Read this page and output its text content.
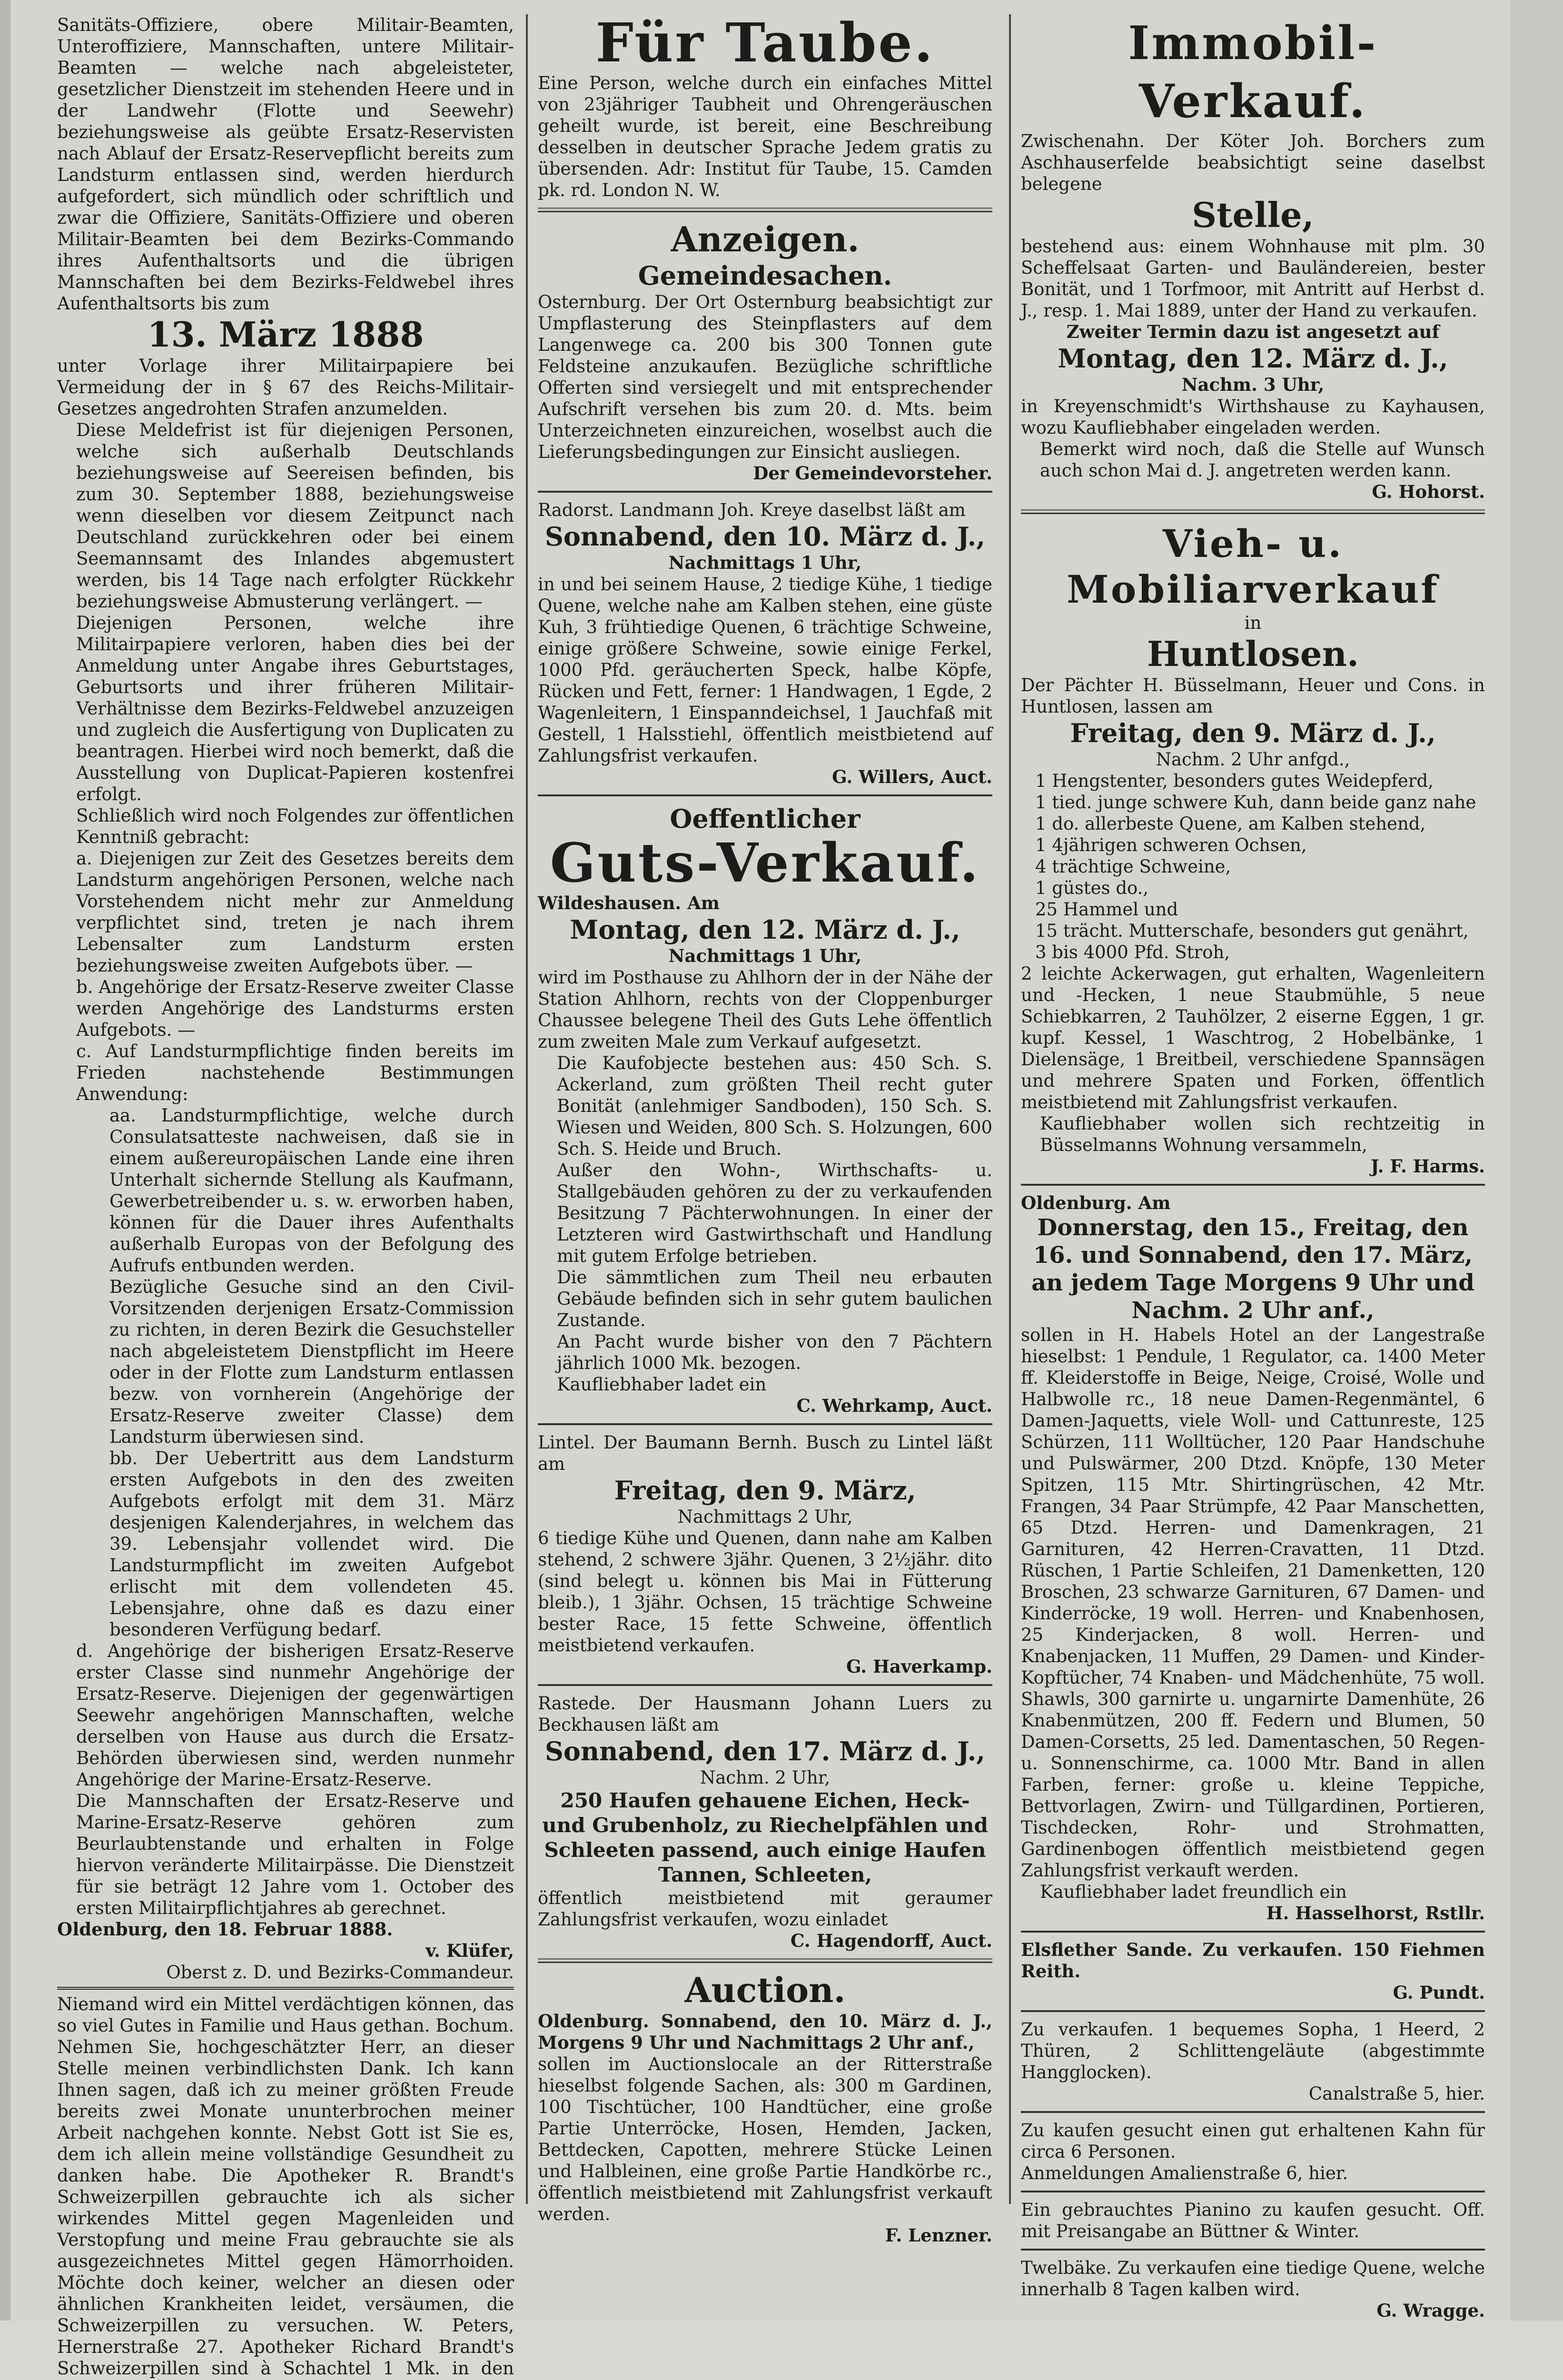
Sanitäts-Offiziere, obere Militair-Beamten, Unteroffiziere, Mannschaften, untere Militair-Beamten — welche nach abgeleisteter, gesetzlicher Dienstzeit im stehenden Heere und in der Landwehr (Flotte und Seewehr) beziehungsweise als geübte Ersatz-Reservisten nach Ablauf der Ersatz-Reservepflicht bereits zum Landsturm entlassen sind, werden hierdurch aufgefordert, sich mündlich oder schriftlich und zwar die Offiziere, Sanitäts-Offiziere und oberen Militair-Beamten bei dem Bezirks-Commando ihres Aufenthaltsorts und die übrigen Mannschaften bei dem Bezirks-Feldwebel ihres Aufenthaltsorts bis zum

13. März 1888

unter Vorlage ihrer Militairpapiere bei Vermeidung der in § 67 des Reichs-Militair-Gesetzes angedrohten Strafen anzumelden.

Diese Meldefrist ist für diejenigen Personen, welche sich außerhalb Deutschlands beziehungsweise auf Seereisen befinden, bis zum 30. September 1888, beziehungsweise wenn dieselben vor diesem Zeitpunct nach Deutschland zurückkehren oder bei einem Seemannsamt des Inlandes abgemustert werden, bis 14 Tage nach erfolgter Rückkehr beziehungsweise Abmusterung verlängert. —

Diejenigen Personen, welche ihre Militairpapiere verloren, haben dies bei der Anmeldung unter Angabe ihres Geburtstages, Geburtsorts und ihrer früheren Militair-Verhältnisse dem Bezirks-Feldwebel anzuzeigen und zugleich die Ausfertigung von Duplicaten zu beantragen. Hierbei wird noch bemerkt, daß die Ausstellung von Duplicat-Papieren kostenfrei erfolgt.

Schließlich wird noch Folgendes zur öffentlichen Kenntniß gebracht:

a. Diejenigen zur Zeit des Gesetzes bereits dem Landsturm angehörigen Personen, welche nach Vorstehendem nicht mehr zur Anmeldung verpflichtet sind, treten je nach ihrem Lebensalter zum Landsturm ersten beziehungsweise zweiten Aufgebots über. —

b. Angehörige der Ersatz-Reserve zweiter Classe werden Angehörige des Landsturms ersten Aufgebots. —

c. Auf Landsturmpflichtige finden bereits im Frieden nachstehende Bestimmungen Anwendung:

aa. Landsturmpflichtige, welche durch Consulatsatteste nachweisen, daß sie in einem außereuropäischen Lande eine ihren Unterhalt sichernde Stellung als Kaufmann, Gewerbetreibender u. s. w. erworben haben, können für die Dauer ihres Aufenthalts außerhalb Europas von der Befolgung des Aufrufs entbunden werden.

Bezügliche Gesuche sind an den Civil-Vorsitzenden derjenigen Ersatz-Commission zu richten, in deren Bezirk die Gesuchsteller nach abgeleistetem Dienstpflicht im Heere oder in der Flotte zum Landsturm entlassen bezw. von vornherein (Angehörige der Ersatz-Reserve zweiter Classe) dem Landsturm überwiesen sind.

bb. Der Uebertritt aus dem Landsturm ersten Aufgebots in den des zweiten Aufgebots erfolgt mit dem 31. März desjenigen Kalenderjahres, in welchem das 39. Lebensjahr vollendet wird. Die Landsturmpflicht im zweiten Aufgebot erlischt mit dem vollendeten 45. Lebensjahre, ohne daß es dazu einer besonderen Verfügung bedarf.

d. Angehörige der bisherigen Ersatz-Reserve erster Classe sind nunmehr Angehörige der Ersatz-Reserve. Diejenigen der gegenwärtigen Seewehr angehörigen Mannschaften, welche derselben von Hause aus durch die Ersatz-Behörden überwiesen sind, werden nunmehr Angehörige der Marine-Ersatz-Reserve.

Die Mannschaften der Ersatz-Reserve und Marine-Ersatz-Reserve gehören zum Beurlaubtenstande und erhalten in Folge hiervon veränderte Militairpässe. Die Dienstzeit für sie beträgt 12 Jahre vom 1. October des ersten Militairpflichtjahres ab gerechnet.

Oldenburg, den 18. Februar 1888.

v. Klüfer,

Oberst z. D. und Bezirks-Commandeur.

Niemand wird ein Mittel verdächtigen können, das so viel Gutes in Familie und Haus gethan. Bochum. Nehmen Sie, hochgeschätzter Herr, an dieser Stelle meinen verbindlichsten Dank. Ich kann Ihnen sagen, daß ich zu meiner größten Freude bereits zwei Monate ununterbrochen meiner Arbeit nachgehen konnte. Nebst Gott ist Sie es, dem ich allein meine vollständige Gesundheit zu danken habe. Die Apotheker R. Brandt's Schweizerpillen gebrauchte ich als sicher wirkendes Mittel gegen Magenleiden und Verstopfung und meine Frau gebrauchte sie als ausgezeichnetes Mittel gegen Hämorrhoiden. Möchte doch keiner, welcher an diesen oder ähnlichen Krankheiten leidet, versäumen, die Schweizerpillen zu versuchen. W. Peters, Hernerstraße 27. Apotheker Richard Brandt's Schweizerpillen sind à Schachtel 1 Mk. in den

Für Taube.

Eine Person, welche durch ein einfaches Mittel von 23jähriger Taubheit und Ohrengeräuschen geheilt wurde, ist bereit, eine Beschreibung desselben in deutscher Sprache Jedem gratis zu übersenden. Adr: Institut für Taube, 15. Camden pk. rd. London N. W.

Anzeigen.
Gemeindesachen.

Osternburg. Der Ort Osternburg beabsichtigt zur Umpflasterung des Steinpflasters auf dem Langenwege ca. 200 bis 300 Tonnen gute Feldsteine anzukaufen. Bezügliche schriftliche Offerten sind versiegelt und mit entsprechender Aufschrift versehen bis zum 20. d. Mts. beim Unterzeichneten einzureichen, woselbst auch die Lieferungsbedingungen zur Einsicht ausliegen.

Der Gemeindevorsteher.

Radorst. Landmann Joh. Kreye daselbst läßt am

Sonnabend, den 10. März d. J.,

Nachmittags 1 Uhr,

in und bei seinem Hause, 2 tiedige Kühe, 1 tiedige Quene, welche nahe am Kalben stehen, eine güste Kuh, 3 frühtiedige Quenen, 6 trächtige Schweine, einige größere Schweine, sowie einige Ferkel, 1000 Pfd. geräucherten Speck, halbe Köpfe, Rücken und Fett, ferner: 1 Handwagen, 1 Egde, 2 Wagenleitern, 1 Einspanndeichsel, 1 Jauchfaß mit Gestell, 1 Halsstiehl, öffentlich meistbietend auf Zahlungsfrist verkaufen.

G. Willers, Auct.

Oeffentlicher
Guts-Verkauf.

Wildeshausen. Am

Montag, den 12. März d. J.,

Nachmittags 1 Uhr,

wird im Posthause zu Ahlhorn der in der Nähe der Station Ahlhorn, rechts von der Cloppenburger Chaussee belegene Theil des Guts Lehe öffentlich zum zweiten Male zum Verkauf aufgesetzt.

Die Kaufobjecte bestehen aus: 450 Sch. S. Ackerland, zum größten Theil recht guter Bonität (anlehmiger Sandboden), 150 Sch. S. Wiesen und Weiden, 800 Sch. S. Holzungen, 600 Sch. S. Heide und Bruch.

Außer den Wohn-, Wirthschafts- u. Stallgebäuden gehören zu der zu verkaufenden Besitzung 7 Pächterwohnungen. In einer der Letzteren wird Gastwirthschaft und Handlung mit gutem Erfolge betrieben.

Die sämmtlichen zum Theil neu erbauten Gebäude befinden sich in sehr gutem baulichen Zustande.

An Pacht wurde bisher von den 7 Pächtern jährlich 1000 Mk. bezogen.

Kaufliebhaber ladet ein

C. Wehrkamp, Auct.

Lintel. Der Baumann Bernh. Busch zu Lintel läßt am

Freitag, den 9. März,

Nachmittags 2 Uhr,

6 tiedige Kühe und Quenen, dann nahe am Kalben stehend, 2 schwere 3jähr. Quenen, 3 2½jähr. dito (sind belegt u. können bis Mai in Fütterung bleib.), 1 3jähr. Ochsen, 15 trächtige Schweine bester Race, 15 fette Schweine, öffentlich meistbietend verkaufen.

G. Haverkamp.

Rastede. Der Hausmann Johann Luers zu Beckhausen läßt am

Sonnabend, den 17. März d. J.,

Nachm. 2 Uhr,

250 Haufen gehauene Eichen, Heck- und Grubenholz, zu Riechelpfählen und Schleeten passend, auch einige Haufen Tannen, Schleeten,

öffentlich meistbietend mit geraumer Zahlungsfrist verkaufen, wozu einladet

C. Hagendorff, Auct.

Auction.

Oldenburg. Sonnabend, den 10. März d. J., Morgens 9 Uhr und Nachmittags 2 Uhr anf.,

sollen im Auctionslocale an der Ritterstraße hieselbst folgende Sachen, als: 300 m Gardinen, 100 Tischtücher, 100 Handtücher, eine große Partie Unterröcke, Hosen, Hemden, Jacken, Bettdecken, Capotten, mehrere Stücke Leinen und Halbleinen, eine große Partie Handkörbe rc., öffentlich meistbietend mit Zahlungsfrist verkauft werden.

F. Lenzner.

Immobil-Verkauf.

Zwischenahn. Der Köter Joh. Borchers zum Aschhauserfelde beabsichtigt seine daselbst belegene

Stelle,

bestehend aus: einem Wohnhause mit plm. 30 Scheffelsaat Garten- und Bauländereien, bester Bonität, und 1 Torfmoor, mit Antritt auf Herbst d. J., resp. 1. Mai 1889, unter der Hand zu verkaufen.

Zweiter Termin dazu ist angesetzt auf

Montag, den 12. März d. J.,

Nachm. 3 Uhr,

in Kreyenschmidt's Wirthshause zu Kayhausen, wozu Kaufliebhaber eingeladen werden.

Bemerkt wird noch, daß die Stelle auf Wunsch auch schon Mai d. J. angetreten werden kann.

G. Hohorst.

Vieh- u. Mobiliarverkauf

in

Huntlosen.

Der Pächter H. Büsselmann, Heuer und Cons. in Huntlosen, lassen am

Freitag, den 9. März d. J.,

Nachm. 2 Uhr anfgd.,

1 Hengstenter, besonders gutes Weidepferd,
1 tied. junge schwere Kuh, dann beide ganz nahe
1 do. allerbeste Quene, am Kalben stehend,
1 4jährigen schweren Ochsen,
4 trächtige Schweine,
1 güstes do.,
25 Hammel und
15 trächt. Mutterschafe, besonders gut genährt,
3 bis 4000 Pfd. Stroh,

2 leichte Ackerwagen, gut erhalten, Wagenleitern und -Hecken, 1 neue Staubmühle, 5 neue Schiebkarren, 2 Tauhölzer, 2 eiserne Eggen, 1 gr. kupf. Kessel, 1 Waschtrog, 2 Hobelbänke, 1 Dielensäge, 1 Breitbeil, verschiedene Spannsägen und mehrere Spaten und Forken, öffentlich meistbietend mit Zahlungsfrist verkaufen.

Kaufliebhaber wollen sich rechtzeitig in Büsselmanns Wohnung versammeln,

J. F. Harms.

Oldenburg. Am

Donnerstag, den 15., Freitag, den 16. und Sonnabend, den 17. März, an jedem Tage Morgens 9 Uhr und Nachm. 2 Uhr anf.,

sollen in H. Habels Hotel an der Langestraße hieselbst: 1 Pendule, 1 Regulator, ca. 1400 Meter ff. Kleiderstoffe in Beige, Neige, Croisé, Wolle und Halbwolle rc., 18 neue Damen-Regenmäntel, 6 Damen-Jaquetts, viele Woll- und Cattunreste, 125 Schürzen, 111 Wolltücher, 120 Paar Handschuhe und Pulswärmer, 200 Dtzd. Knöpfe, 130 Meter Spitzen, 115 Mtr. Shirtingrüschen, 42 Mtr. Frangen, 34 Paar Strümpfe, 42 Paar Manschetten, 65 Dtzd. Herren- und Damenkragen, 21 Garnituren, 42 Herren-Cravatten, 11 Dtzd. Rüschen, 1 Partie Schleifen, 21 Damenketten, 120 Broschen, 23 schwarze Garnituren, 67 Damen- und Kinderröcke, 19 woll. Herren- und Knabenhosen, 25 Kinderjacken, 8 woll. Herren- und Knabenjacken, 11 Muffen, 29 Damen- und Kinder-Kopftücher, 74 Knaben- und Mädchenhüte, 75 woll. Shawls, 300 garnirte u. ungarnirte Damenhüte, 26 Knabenmützen, 200 ff. Federn und Blumen, 50 Damen-Corsetts, 25 led. Damentaschen, 50 Regen- u. Sonnenschirme, ca. 1000 Mtr. Band in allen Farben, ferner: große u. kleine Teppiche, Bettvorlagen, Zwirn- und Tüllgardinen, Portieren, Tischdecken, Rohr- und Strohmatten, Gardinenbogen öffentlich meistbietend gegen Zahlungsfrist verkauft werden.

Kaufliebhaber ladet freundlich ein

H. Hasselhorst, Rstllr.

Elsflether Sande. Zu verkaufen. 150 Fiehmen Reith.

G. Pundt.

Zu verkaufen. 1 bequemes Sopha, 1 Heerd, 2 Thüren, 2 Schlittengeläute (abgestimmte Hangglocken).

Canalstraße 5, hier.

Zu kaufen gesucht einen gut erhaltenen Kahn für circa 6 Personen.

Anmeldungen Amalienstraße 6, hier.

Ein gebrauchtes Pianino zu kaufen gesucht. Off. mit Preisangabe an Büttner & Winter.

Twelbäke. Zu verkaufen eine tiedige Quene, welche innerhalb 8 Tagen kalben wird.

G. Wragge.
